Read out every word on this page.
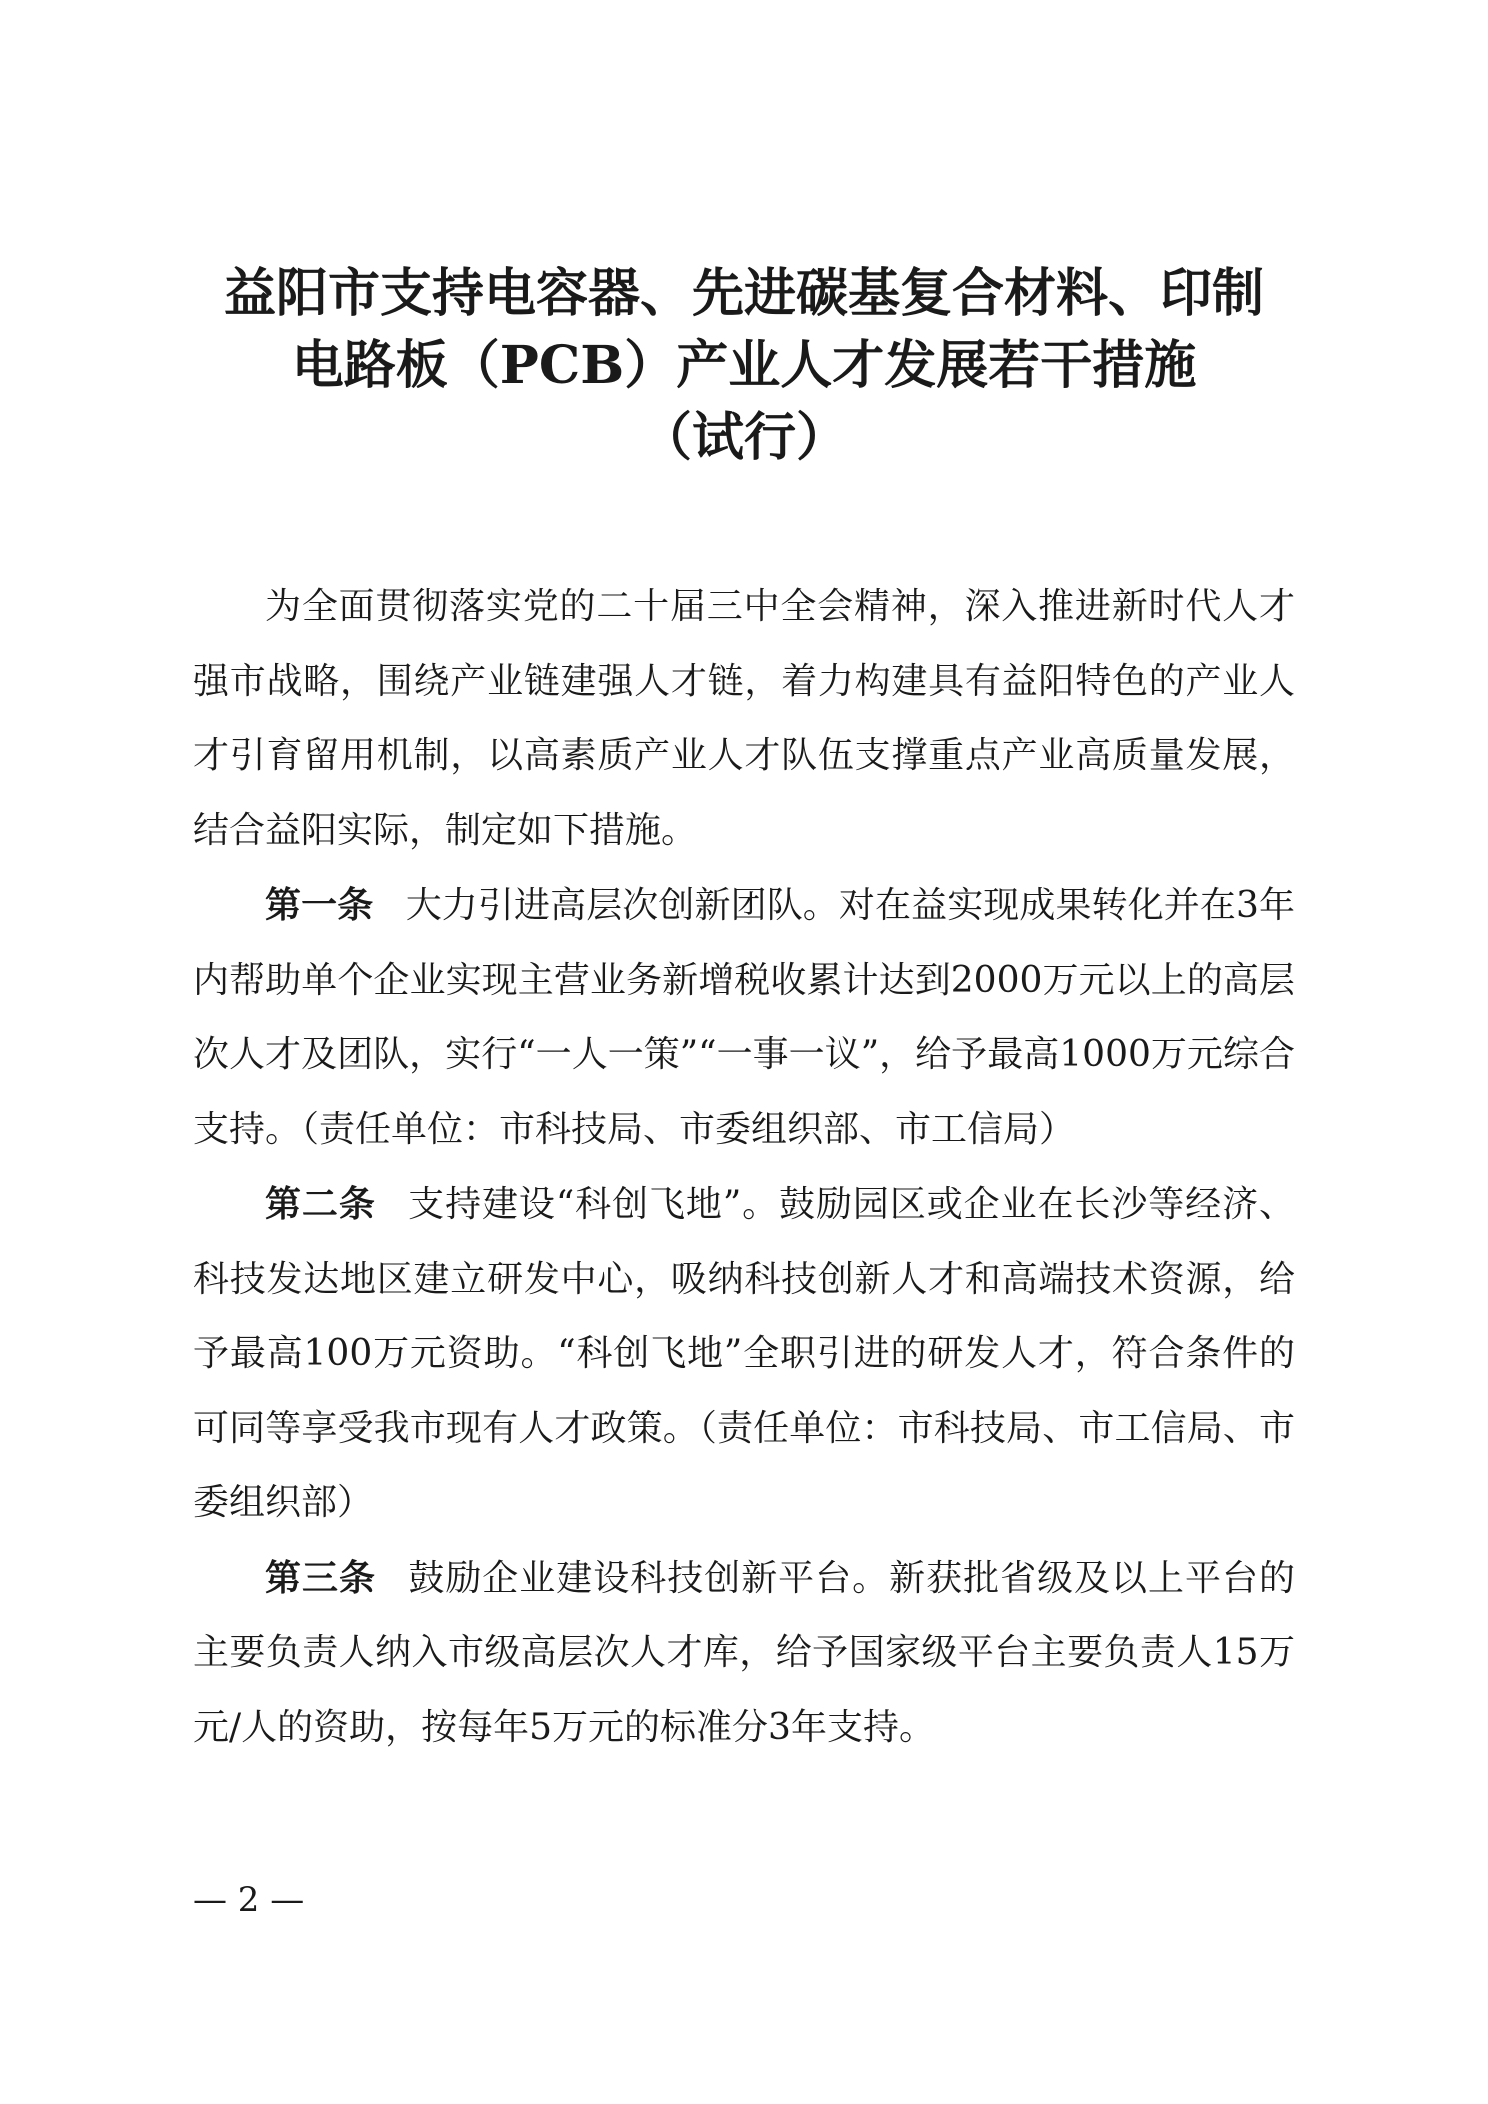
益阳市支持电容器、先进碳基复合材料、印制
电路板（PCB）产业人才发展若干措施
（试行）

为全面贯彻落实党的二十届三中全会精神，深入推进新时代人才强市战略，围绕产业链建强人才链，着力构建具有益阳特色的产业人才引育留用机制，以高素质产业人才队伍支撑重点产业高质量发展，结合益阳实际，制定如下措施。

第一条 大力引进高层次创新团队。对在益实现成果转化并在3年内帮助单个企业实现主营业务新增税收累计达到2000万元以上的高层次人才及团队，实行“一人一策”“一事一议”，给予最高1000万元综合支持。（责任单位：市科技局、市委组织部、市工信局）

第二条 支持建设“科创飞地”。鼓励园区或企业在长沙等经济、科技发达地区建立研发中心，吸纳科技创新人才和高端技术资源，给予最高100万元资助。“科创飞地”全职引进的研发人才，符合条件的可同等享受我市现有人才政策。（责任单位：市科技局、市工信局、市委组织部）

第三条 鼓励企业建设科技创新平台。新获批省级及以上平台的主要负责人纳入市级高层次人才库，给予国家级平台主要负责人15万元/人的资助，按每年5万元的标准分3年支持。

— 2 —
